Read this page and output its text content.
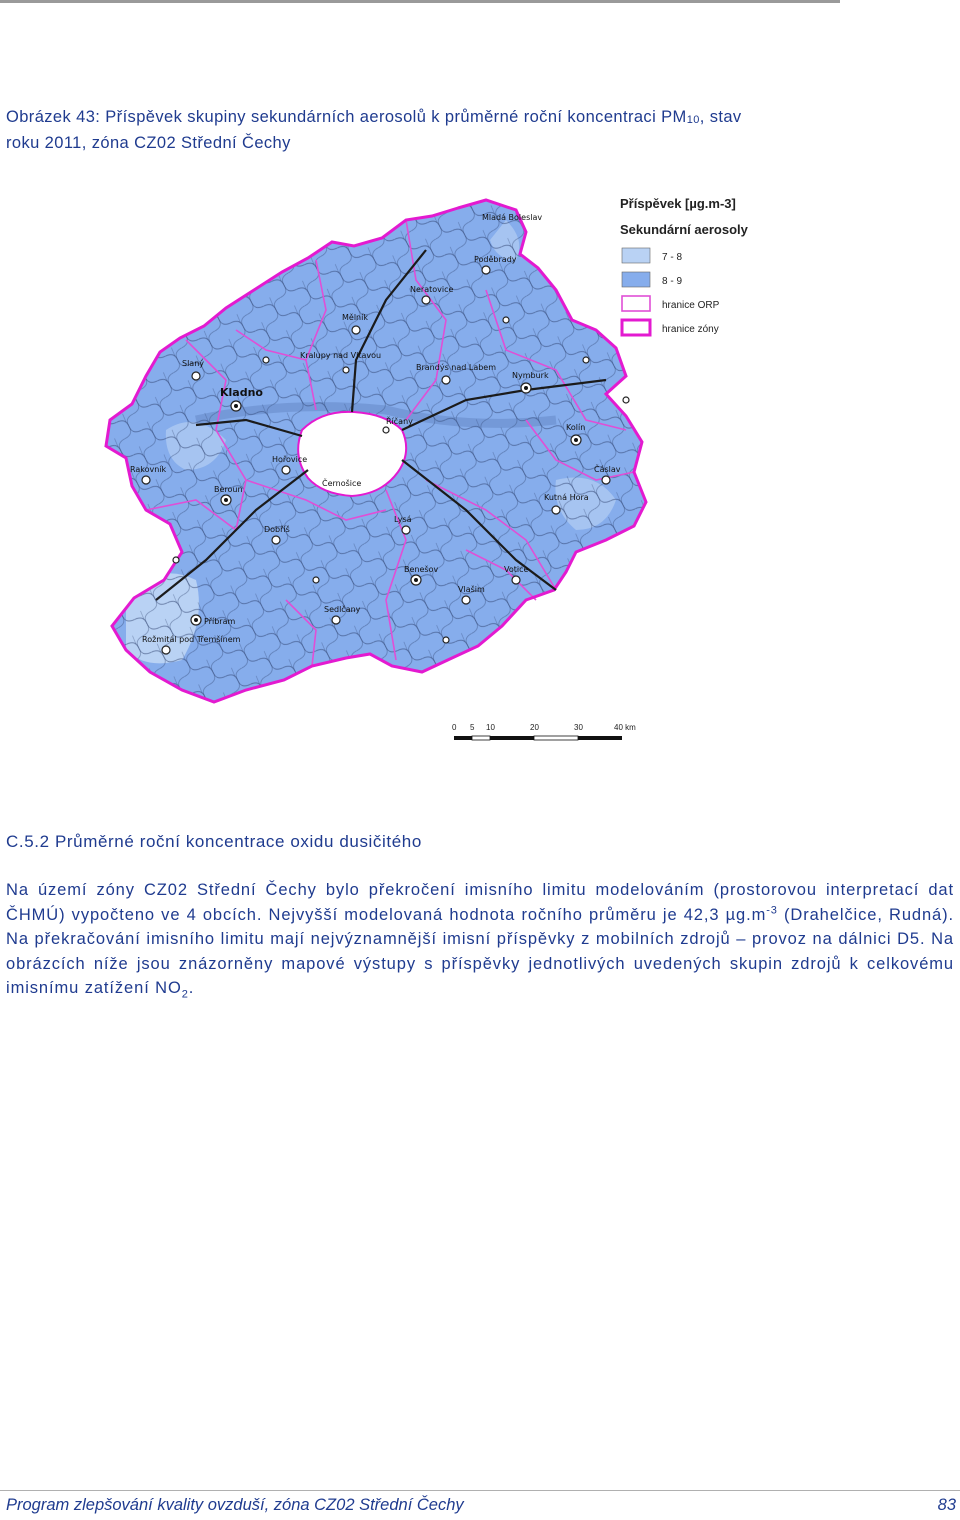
Obrázek 43: Příspěvek skupiny sekundárních aerosolů k průměrné roční koncentraci PM10, stav
roku 2011, zóna CZ02 Střední Čechy
Mělník
Kladno
Slaný	Brandýs nad Labem
Nymburk
Kolín
Kutná Hora
Beroun
Příbram
Benešov
Vlašim
Rakovník
Dobříš
Hořovice
Čáslav
Poděbrady
Neratovice
Lysá
Rožmitál pod Třemšínem
Sedlčany
Votice
Říčany
Černošice
Kralupy nad Vltavou
Mladá Boleslav
Příspěvek [µg.m-3]
Sekundární aerosoly
7 - 8
8 - 9
hranice ORP
hranice zóny
0 5 10	20	30	40 km
C.5.2 Průměrné roční koncentrace oxidu dusičitého
Na území zóny CZ02 Střední Čechy bylo překročení imisního limitu modelováním (prostorovou interpretací dat ČHMÚ) vypočteno ve 4 obcích. Nejvyšší modelovaná hodnota ročního průměru je 42,3 $\mu g.m^{-3}$ (Drahelčice, Rudná). Na překračování imisního limitu mají nejvýznamnější imisní příspěvky z mobilních zdrojů – provoz na dálnici D5. Na obrázcích níže jsou znázorněny mapové výstupy s příspěvky jednotlivých uvedených skupin zdrojů k celkovému imisnímu zatížení $NO_2$.
Program zlepšování kvality ovzduší, zóna CZ02 Střední Čechy	83
